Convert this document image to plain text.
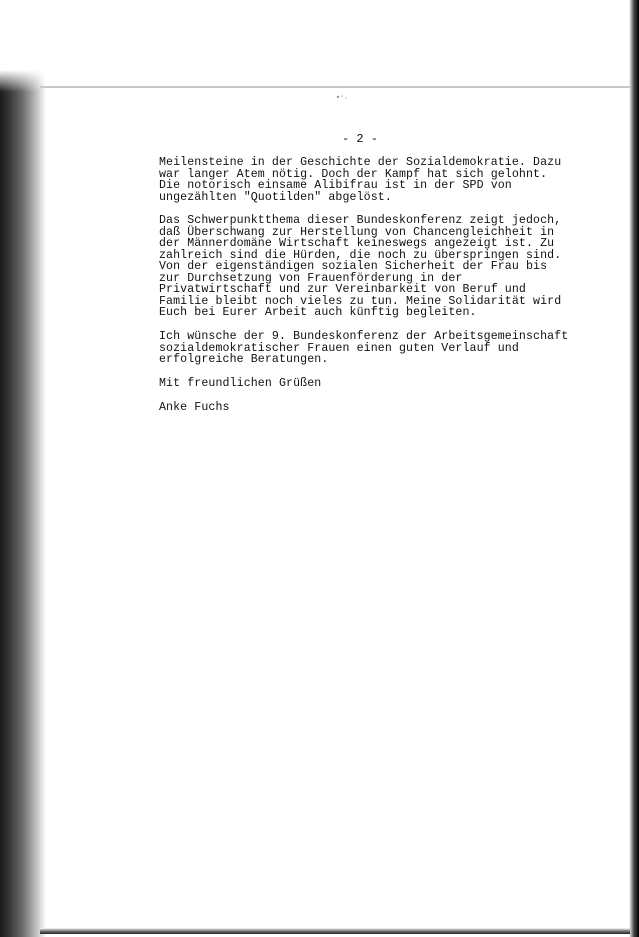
- 2 -
Meilensteine in der Geschichte der Sozialdemokratie. Dazu
war langer Atem nötig. Doch der Kampf hat sich gelohnt.
Die notorisch einsame Alibifrau ist in der SPD von
ungezählten "Quotilden" abgelöst.
Das Schwerpunktthema dieser Bundeskonferenz zeigt jedoch,
daß Überschwang zur Herstellung von Chancengleichheit in
der Männerdomäne Wirtschaft keineswegs angezeigt ist. Zu
zahlreich sind die Hürden, die noch zu überspringen sind.
Von der eigenständigen sozialen Sicherheit der Frau bis
zur Durchsetzung von Frauenförderung in der
Privatwirtschaft und zur Vereinbarkeit von Beruf und
Familie bleibt noch vieles zu tun. Meine Solidarität wird
Euch bei Eurer Arbeit auch künftig begleiten.
Ich wünsche der 9. Bundeskonferenz der Arbeitsgemeinschaft
sozialdemokratischer Frauen einen guten Verlauf und
erfolgreiche Beratungen.
Mit freundlichen Grüßen
Anke Fuchs
